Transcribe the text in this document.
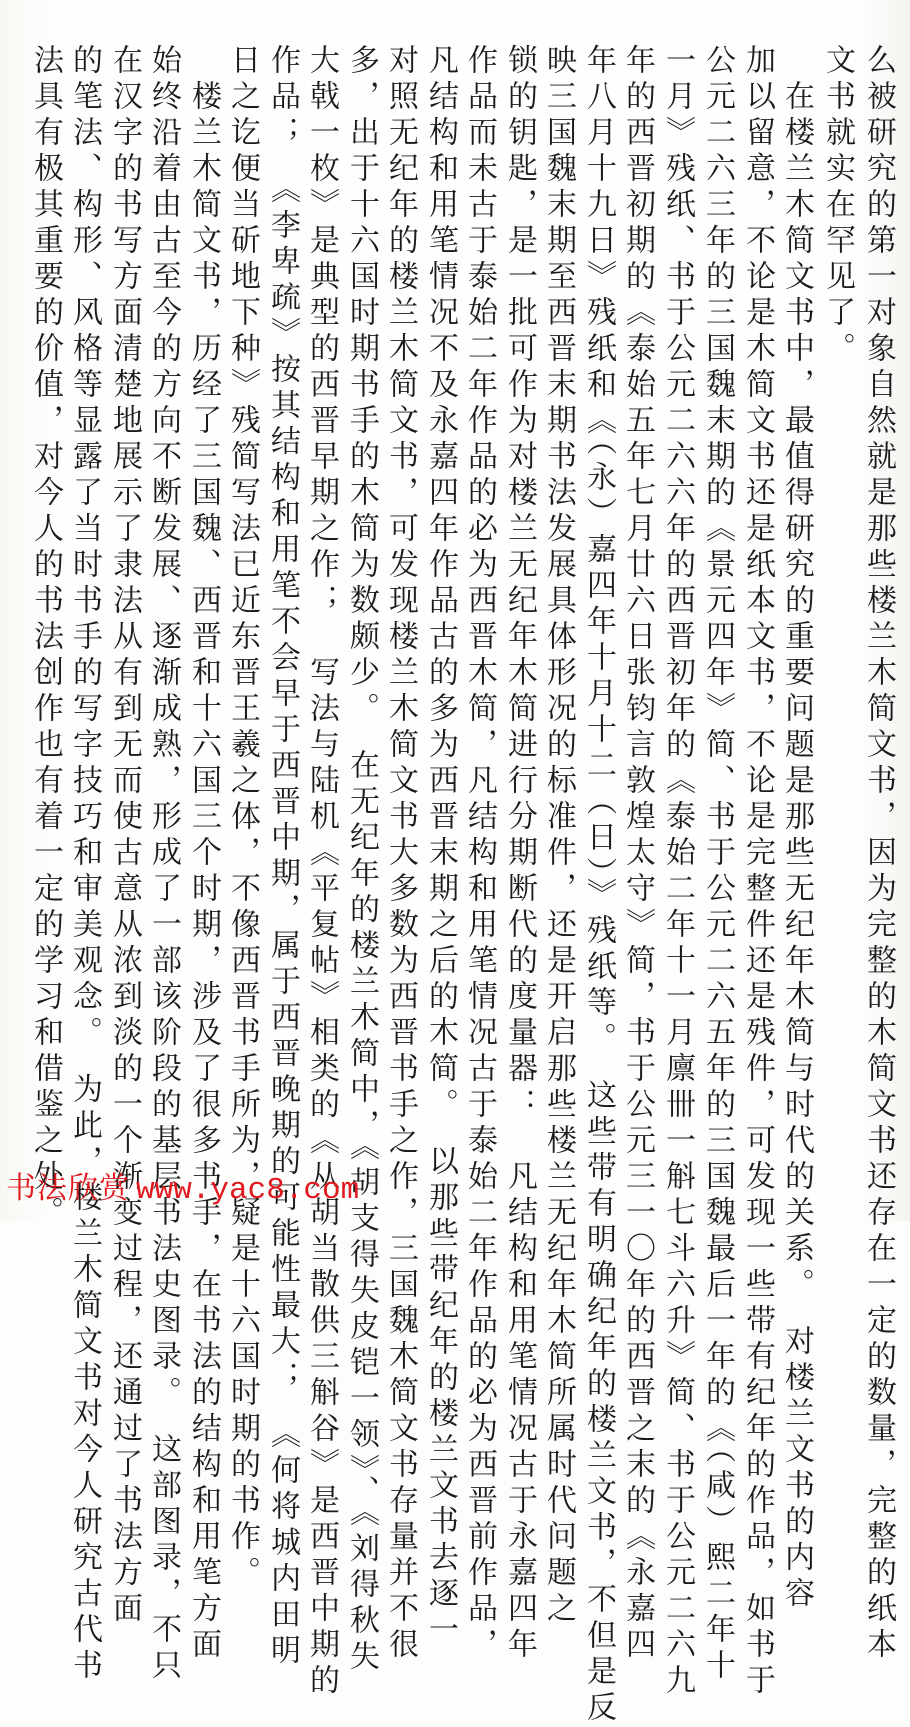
么被研究的第一对象自然就是那些楼兰木简文书，因为完整的木简文书还存在一定的数量，完整的纸本
文书就实在罕见了。
　在楼兰木简文书中，最值得研究的重要问题是那些无纪年木简与时代的关系。　对楼兰文书的内容
加以留意，不论是木简文书还是纸本文书，不论是完整件还是残件，可发现一些带有纪年的作品，如书于
公元二六三年的三国魏末期的《景元四年》简、书于公元二六五年的三国魏最后一年的《（咸）熙二年十
一月》残纸、书于公元二六六年的西晋初年的《泰始二年十一月廪卌一斛七斗六升》简、书于公元二六九
年的西晋初期的《泰始五年七月廿六日张钧言敦煌太守》简，书于公元三一〇年的西晋之末的《永嘉四
年八月十九日》残纸和《（永）嘉四年十月十二（日）》残纸等。　这些带有明确纪年的楼兰文书，不但是反
映三国魏末期至西晋末期书法发展具体形况的标准件，还是开启那些楼兰无纪年木简所属时代问题之
锁的钥匙，是一批可作为对楼兰无纪年木简进行分期断代的度量器：　凡结构和用笔情况古于永嘉四年
作品而未古于泰始二年作品的必为西晋木简，凡结构和用笔情况古于泰始二年作品的必为西晋前作品，
凡结构和用笔情况不及永嘉四年作品古的多为西晋末期之后的木简。　以那些带纪年的楼兰文书去逐一
对照无纪年的楼兰木简文书，可发现楼兰木简文书大多数为西晋书手之作，三国魏木简文书存量并不很
多，出于十六国时期书手的木简为数颇少。　在无纪年的楼兰木简中，《胡支得失皮铠一领》、《刘得秋失
大戟一枚》是典型的西晋早期之作；　写法与陆机《平复帖》相类的《从胡当散供三斛谷》是西晋中期的
作品；　《李卑疏》按其结构和用笔不会早于西晋中期，属于西晋晚期的可能性最大；　《何将城内田明
日之讫便当斫地下种》残简写法已近东晋王羲之体，不像西晋书手所为，疑是十六国时期的书作。
　楼兰木简文书，历经了三国魏、西晋和十六国三个时期，涉及了很多书手，在书法的结构和用笔方面
始终沿着由古至今的方向不断发展、逐渐成熟，形成了一部该阶段的基层书法史图录。　这部图录，不只
在汉字的书写方面清楚地展示了隶法从有到无而使古意从浓到淡的一个渐变过程，还通过了书法方面
的笔法、构形、风格等显露了当时书手的写字技巧和审美观念。　为此，楼兰木简文书对今人研究古代书
法具有极其重要的价值，对今人的书法创作也有着一定的学习和借鉴之处。
书法欣赏 www.yac8.com
